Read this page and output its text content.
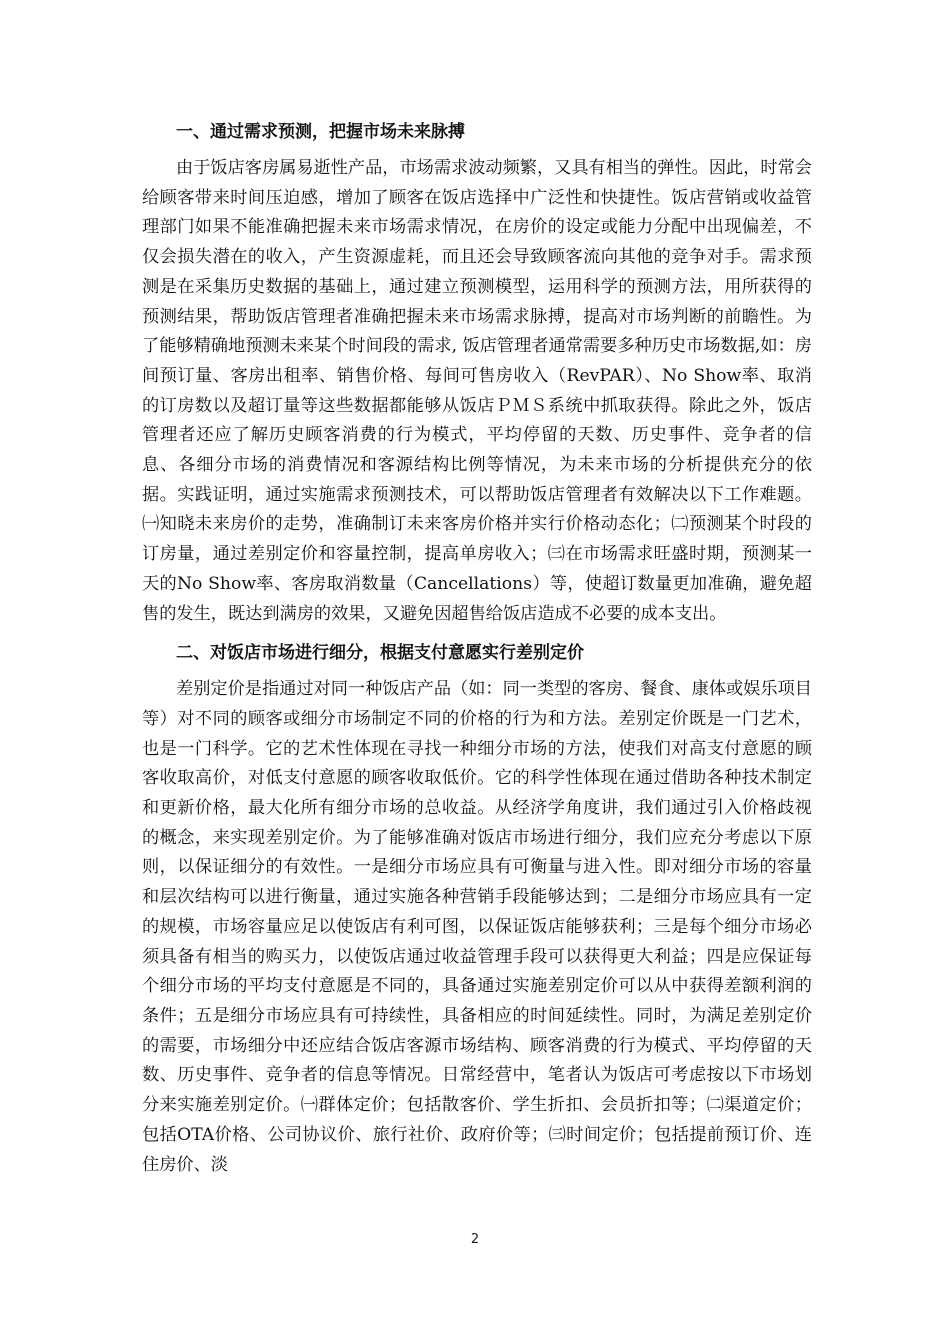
一、通过需求预测，把握市场未来脉搏

由于饭店客房属易逝性产品，市场需求波动频繁，又具有相当的弹性。因此，时常会给顾客带来时间压迫感，增加了顾客在饭店选择中广泛性和快捷性。饭店营销或收益管理部门如果不能准确把握未来市场需求情况，在房价的设定或能力分配中出现偏差，不仅会损失潜在的收入，产生资源虚耗，而且还会导致顾客流向其他的竞争对手。需求预测是在采集历史数据的基础上，通过建立预测模型，运用科学的预测方法，用所获得的预测结果，帮助饭店管理者准确把握未来市场需求脉搏，提高对市场判断的前瞻性。为了能够精确地预测未来某个时间段的需求, 饭店管理者通常需要多种历史市场数据,如：房间预订量、客房出租率、销售价格、每间可售房收入（RevPAR）、No Show率、取消的订房数以及超订量等这些数据都能够从饭店ＰＭＳ系统中抓取获得。除此之外，饭店管理者还应了解历史顾客消费的行为模式，平均停留的天数、历史事件、竞争者的信息、各细分市场的消费情况和客源结构比例等情况，为未来市场的分析提供充分的依据。实践证明，通过实施需求预测技术，可以帮助饭店管理者有效解决以下工作难题。㈠知晓未来房价的走势，准确制订未来客房价格并实行价格动态化；㈡预测某个时段的订房量，通过差别定价和容量控制，提高单房收入；㈢在市场需求旺盛时期，预测某一天的No Show率、客房取消数量（Cancellations）等，使超订数量更加准确，避免超售的发生，既达到满房的效果，又避免因超售给饭店造成不必要的成本支出。

二、对饭店市场进行细分，根据支付意愿实行差别定价

差别定价是指通过对同一种饭店产品（如：同一类型的客房、餐食、康体或娱乐项目等）对不同的顾客或细分市场制定不同的价格的行为和方法。差别定价既是一门艺术，也是一门科学。它的艺术性体现在寻找一种细分市场的方法，使我们对高支付意愿的顾客收取高价，对低支付意愿的顾客收取低价。它的科学性体现在通过借助各种技术制定和更新价格，最大化所有细分市场的总收益。从经济学角度讲，我们通过引入价格歧视的概念，来实现差别定价。为了能够准确对饭店市场进行细分，我们应充分考虑以下原则，以保证细分的有效性。一是细分市场应具有可衡量与进入性。即对细分市场的容量和层次结构可以进行衡量，通过实施各种营销手段能够达到；二是细分市场应具有一定的规模，市场容量应足以使饭店有利可图，以保证饭店能够获利；三是每个细分市场必须具备有相当的购买力，以使饭店通过收益管理手段可以获得更大利益；四是应保证每个细分市场的平均支付意愿是不同的，具备通过实施差别定价可以从中获得差额利润的条件；五是细分市场应具有可持续性，具备相应的时间延续性。同时，为满足差别定价的需要，市场细分中还应结合饭店客源市场结构、顾客消费的行为模式、平均停留的天数、历史事件、竞争者的信息等情况。日常经营中，笔者认为饭店可考虑按以下市场划分来实施差别定价。㈠群体定价；包括散客价、学生折扣、会员折扣等；㈡渠道定价；包括OTA价格、公司协议价、旅行社价、政府价等；㈢时间定价；包括提前预订价、连住房价、淡

2
